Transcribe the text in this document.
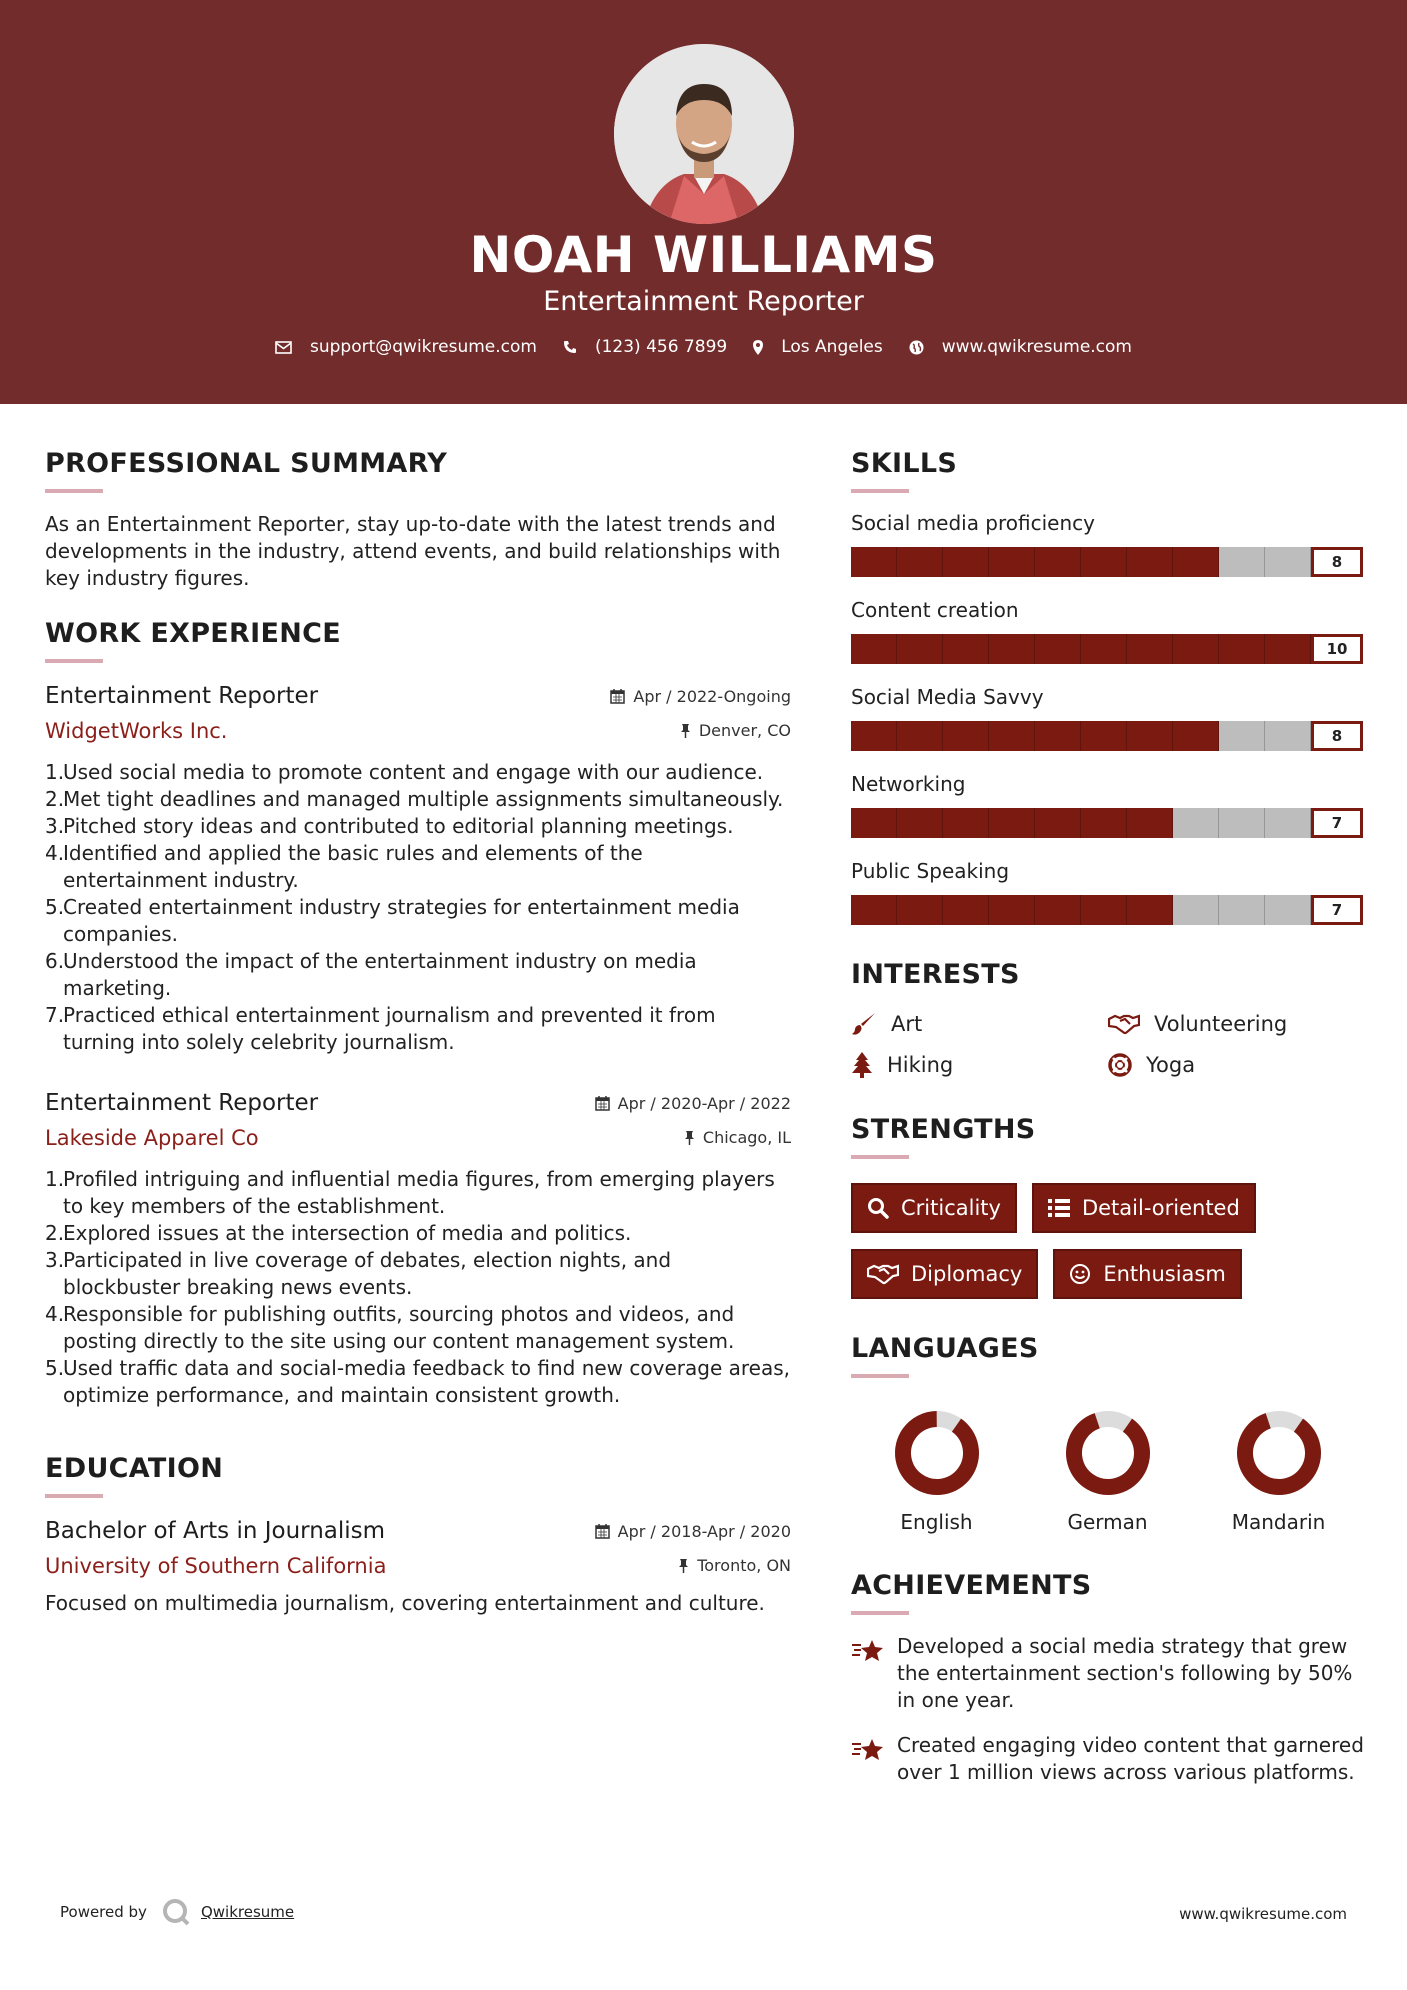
NOAH WILLIAMS
Entertainment Reporter
support@qwikresume.com	(123) 456 7899	Los Angeles	www.qwikresume.com
PROFESSIONAL SUMMARY
As an Entertainment Reporter, stay up-to-date with the latest trends and developments in the industry, attend events, and build relationships with key industry figures.
WORK EXPERIENCE
Entertainment Reporter	Apr / 2022-Ongoing
WidgetWorks Inc.	Denver, CO
1.
Used social media to promote content and engage with our audience.
2.
Met tight deadlines and managed multiple assignments simultaneously.
3.
Pitched story ideas and contributed to editorial planning meetings.
4.
Identified and applied the basic rules and elements of the entertainment industry.
5.
Created entertainment industry strategies for entertainment media companies.
6.
Understood the impact of the entertainment industry on media marketing.
7.
Practiced ethical entertainment journalism and prevented it from turning into solely celebrity journalism.
Entertainment Reporter	Apr / 2020-Apr / 2022
Lakeside Apparel Co	Chicago, IL
1.
Profiled intriguing and influential media figures, from emerging players to key members of the establishment.
2.
Explored issues at the intersection of media and politics.
3.
Participated in live coverage of debates, election nights, and blockbuster breaking news events.
4.
Responsible for publishing outfits, sourcing photos and videos, and posting directly to the site using our content management system.
5.
Used traffic data and social-media feedback to find new coverage areas, optimize performance, and maintain consistent growth.
EDUCATION
Bachelor of Arts in Journalism	Apr / 2018-Apr / 2020
University of Southern California	Toronto, ON
Focused on multimedia journalism, covering entertainment and culture.
SKILLS
Social media proficiency
8
Content creation
10
Social Media Savvy
8
Networking
7
Public Speaking
7
INTERESTS
Art	Volunteering
Hiking	Yoga
STRENGTHS
Criticality	Detail-oriented
Diplomacy	Enthusiasm
LANGUAGES
English	German	Mandarin
ACHIEVEMENTS
Developed a social media strategy that grew the entertainment section's following by 50% in one year.
Created engaging video content that garnered over 1 million views across various platforms.
Powered by	Qwikresume	www.qwikresume.com
